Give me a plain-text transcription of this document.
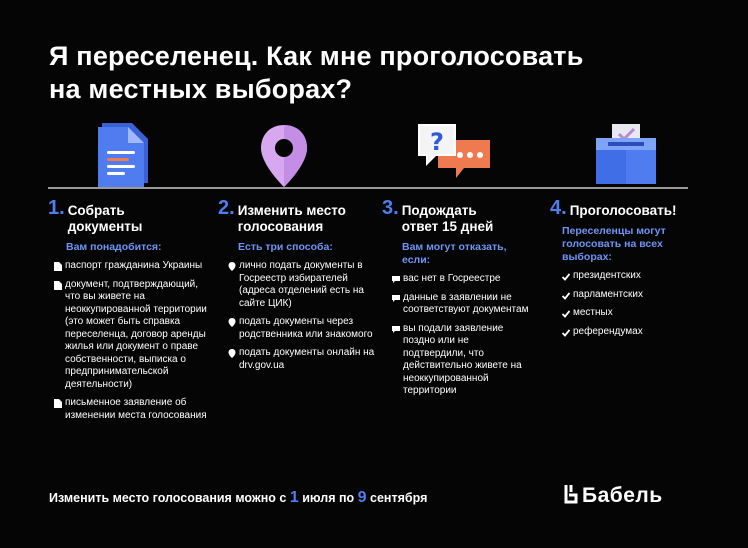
Я переселенец. Как мне проголосовать
на местных выборах?
?
1. Собрать
документы
Вам понадобится:
паспорт гражданина Украины
документ, подтверждающий, что вы живете на неоккупированной территории (это может быть справка переселенца, договор аренды жилья или документ о праве собственности, выписка о предпринимательской деятельности)
письменное заявление об изменении места голосования
2. Изменить место
голосования
Есть три способа:
лично подать документы в Госреестр избирателей (адреса отделений есть на сайте ЦИК)
подать документы через родственника или знакомого
подать документы онлайн на drv.gov.ua
3. Подождать
ответ 15 дней
Вам могут отказать, если:
вас нет в Госреестре
данные в заявлении не соответствуют документам
вы подали заявление поздно или не подтвердили, что действительно живете на неоккупированной территории
4. Проголосовать!
Переселенцы могут голосовать на всех выборах:
президентских
парламентских
местных
референдумах
Изменить место голосования можно с 1 июля по 9 сентября	Бабель
